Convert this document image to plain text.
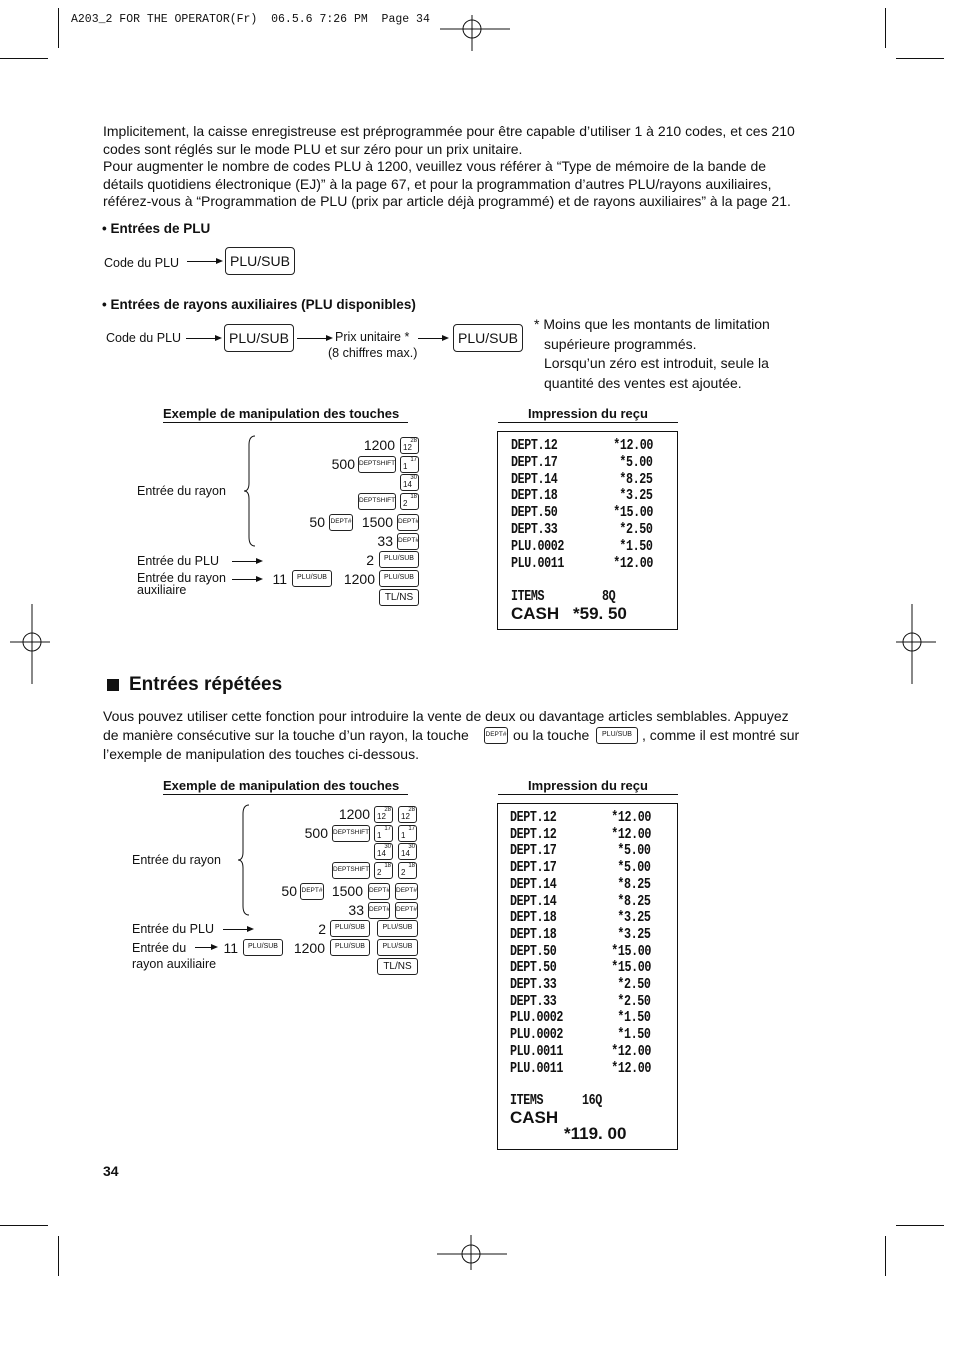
A203_2 FOR THE OPERATOR(Fr)  06.5.6 7:26 PM  Page 34
Implicitement, la caisse enregistreuse est préprogrammée pour être capable d’utiliser 1 à 210 codes, et ces 210
codes sont réglés sur le mode PLU et sur zéro pour un prix unitaire.
Pour augmenter le nombre de codes PLU à 1200, veuillez vous référer à “Type de mémoire de la bande de
détails quotidiens électronique (EJ)” à la page 67, et pour la programmation d’autres PLU/rayons auxiliaires,
référez-vous à “Programmation de PLU (prix par article déjà programmé) et de rayons auxiliaires” à la page 21.
• Entrées de PLU
Code du PLU	PLU/SUB
• Entrées de rayons auxiliaires (PLU disponibles)
Code du PLU	PLU/SUB	Prix unitaire *
(8 chiffres max.)
PLU/SUB
* Moins que les montants de limitation
supérieure programmés.
Lorsqu’un zéro est introduit, seule la
quantité des ventes est ajoutée.
Exemple de manipulation des touches	Impression du reçu
Entrée du rayon
1200	28
12
500 DEPTSHIFT	17
1
30
14
DEPTSHIFT	18
2
50 DEPT# 1500 DEPT#
33 DEPT#
Entrée du PLU	2	PLU/SUB
Entrée du rayon
auxiliaire
11	PLU/SUB	1200	PLU/SUB
TL/NS
DEPT.12	*12.00
DEPT.17	*5.00
DEPT.14	*8.25
DEPT.18	*3.25
DEPT.50	*15.00
DEPT.33	*2.50
PLU.0002	*1.50
PLU.0011	*12.00
ITEMS	8Q
CASH *59. 50
Entrées répétées
Vous pouvez utiliser cette fonction pour introduire la vente de deux ou davantage articles semblables. Appuyez
de manière consécutive sur la touche d’un rayon, la touche	DEPT# ou la touche	PLU/SUB , comme il est montré sur
l’exemple de manipulation des touches ci-dessous.
Exemple de manipulation des touches	Impression du reçu
Entrée du rayon
1200 28
12
28
12
500 DEPTSHIFT	17
1
17
1
30
14
30
14
DEPTSHIFT	18
2
18
2
50 DEPT# 1500 DEPT# DEPT#
33 DEPT# DEPT#
Entrée du PLU	2	PLU/SUB	PLU/SUB
Entrée du
rayon auxiliaire
11	PLU/SUB	1200	PLU/SUB	PLU/SUB
TL/NS
DEPT.12	*12.00
DEPT.12	*12.00
DEPT.17	*5.00
DEPT.17	*5.00
DEPT.14	*8.25
DEPT.14	*8.25
DEPT.18	*3.25
DEPT.18	*3.25
DEPT.50	*15.00
DEPT.50	*15.00
DEPT.33	*2.50
DEPT.33	*2.50
PLU.0002	*1.50
PLU.0002	*1.50
PLU.0011	*12.00
PLU.0011	*12.00
ITEMS	16Q
CASH
*119. 00
34
